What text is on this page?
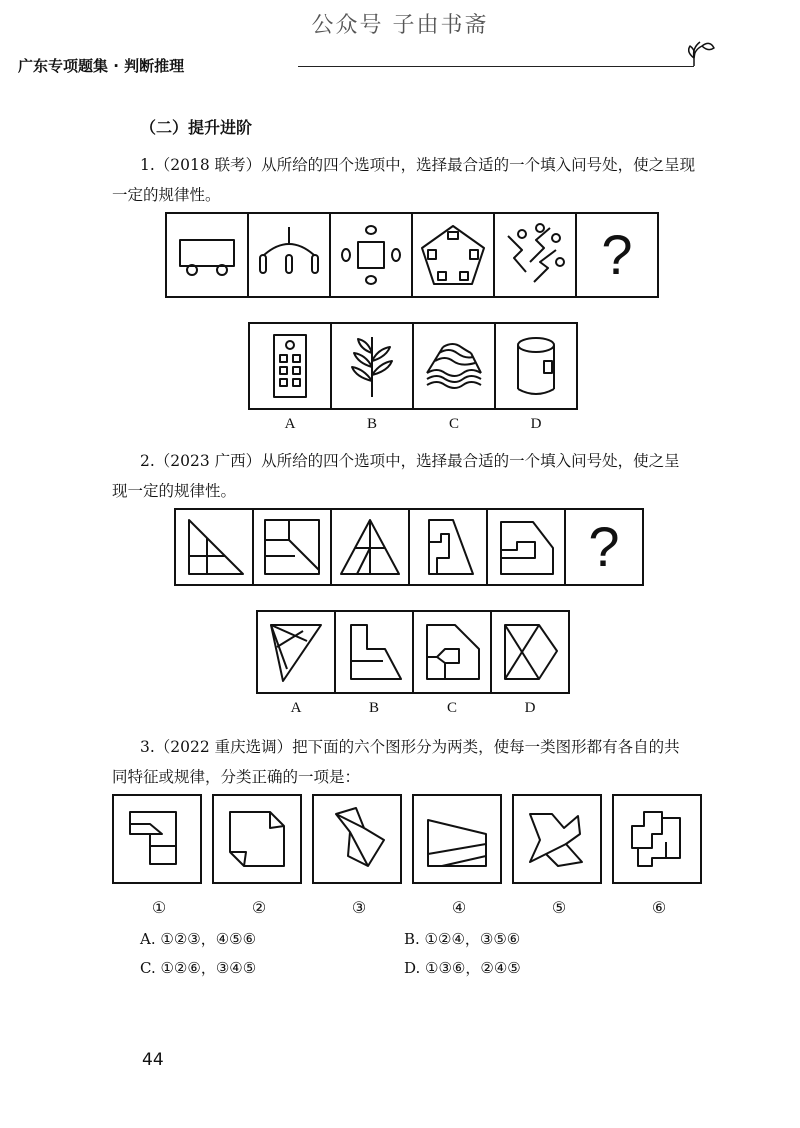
公众号 子由书斋
广东专项题集 · 判断推理
（二）提升进阶
1.（2018 联考）从所给的四个选项中，选择最合适的一个填入问号处，使之呈现
一定的规律性。
?
A	B	C	D
2.（2023 广西）从所给的四个选项中，选择最合适的一个填入问号处，使之呈
现一定的规律性。
?
A	B	C	D
3.（2022 重庆选调）把下面的六个图形分为两类，使每一类图形都有各自的共
同特征或规律，分类正确的一项是：
①	②	③	④	⑤	⑥
A. ①②③，④⑤⑥	B. ①②④，③⑤⑥
C. ①②⑥，③④⑤	D. ①③⑥，②④⑤
44
